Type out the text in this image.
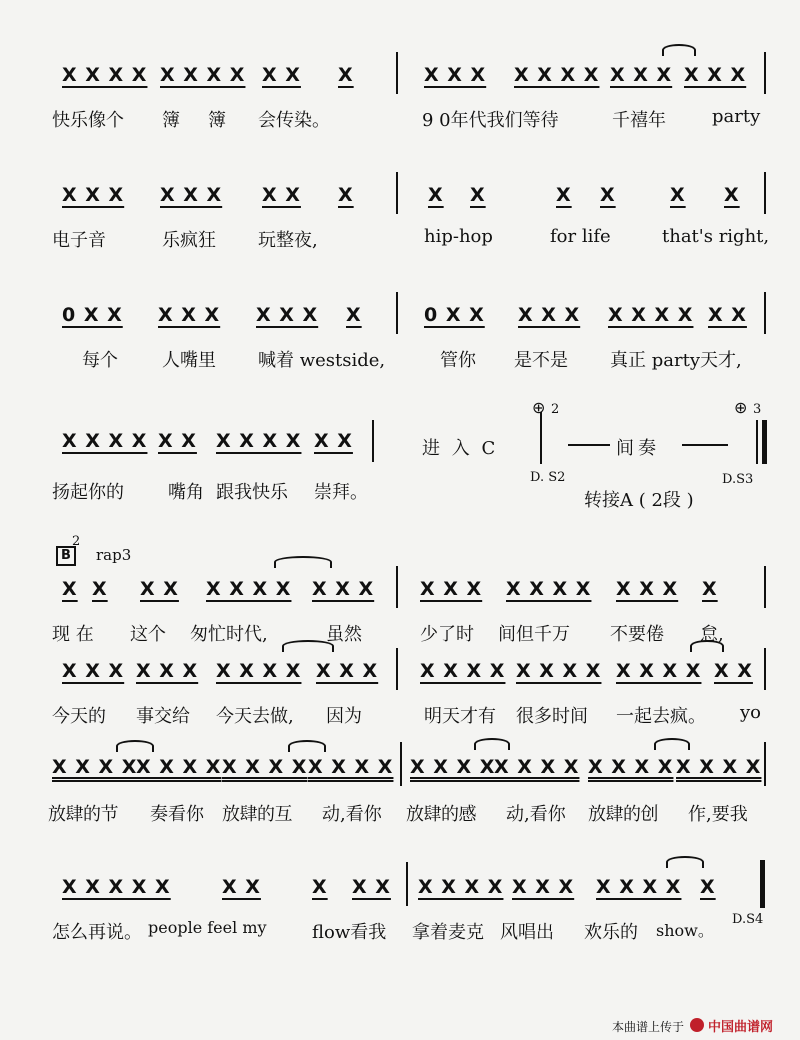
X X X X X X X X X X X	X X X X X X X X X X X X X
快乐像个 簿 簿 会传染。	9 0年代我们等待	千禧年	party
X X X X X X X X X	X X	X X	X X
电子音	乐疯狂 玩整夜,	hip-hop	for life	that's right,
0 X X X X X X X X X	0 X X X X X X X X X X X
每个 人嘴里 喊着 westside,	管你 是不是 真正 party天才,
X X X X X X X X X X X X	进 入 C
⊕ 2
间奏
⊕ 3
扬起你的 嘴角 跟我快乐 崇拜。
D. S2	D.S3
转接A ( 2段 )
B
2
rap3
X X X X X X X X X X X X X X X X X X X X X X
现 在 这个 匆忙时代,	虽然	少了时 间但千万 不要倦 怠,
X X X X X X X X X X X X X X X X X X X X X X X X X X X
今天的 事交给 今天去做, 因为	明天才有 很多时间 一起去疯。 yo
X X X X
X X X X X X X X X X X X X X X X
X X X X X X X X X X X X
放肆的节 奏看你 放肆的互 动,看你 放肆的感 动,看你 放肆的创 作,要我
X X X X X	X X	X X X X X X X X X X X X X X X
怎么再说。 people feel my	flow看我 拿着麦克 风唱出 欢乐的 show。
D.S4
本曲谱上传于 中国曲谱网
